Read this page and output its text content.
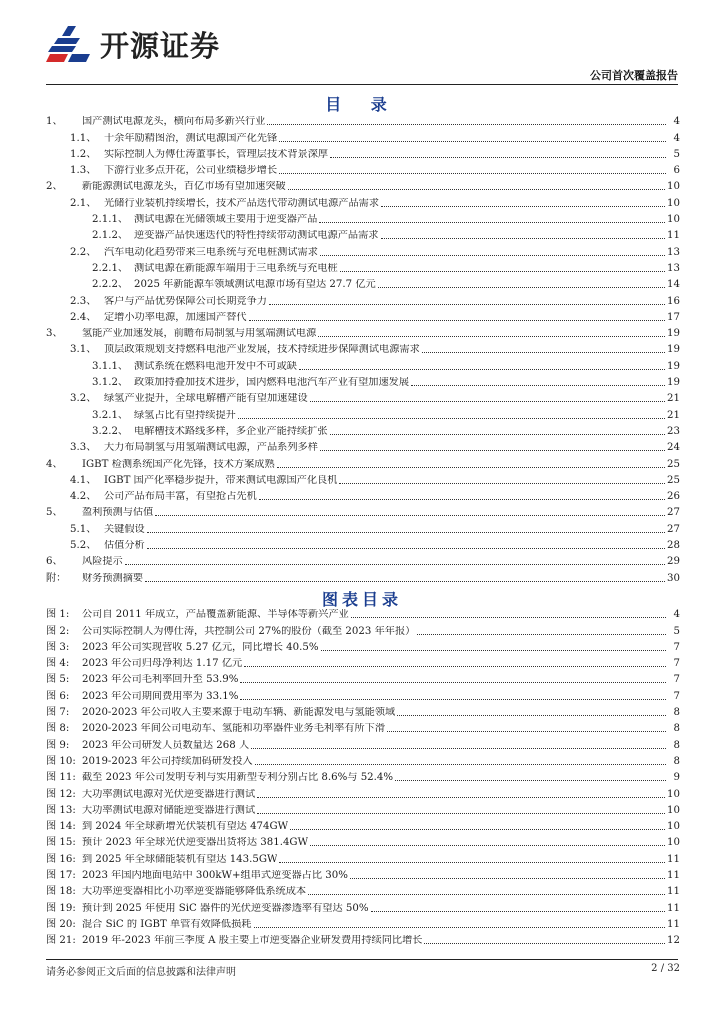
开源证券
公司首次覆盖报告
目 录
1、	国产测试电源龙头，横向布局多新兴行业	4
1.1、 十余年励精图治，测试电源国产化先锋	4
1.2、 实际控制人为傅仕涛董事长，管理层技术背景深厚	5
1.3、 下游行业多点开花，公司业绩稳步增长	6
2、	新能源测试电源龙头，百亿市场有望加速突破	10
2.1、 光储行业装机持续增长，技术产品迭代带动测试电源产品需求	10
2.1.1、 测试电源在光储领域主要用于逆变器产品	10
2.1.2、 逆变器产品快速迭代的特性持续带动测试电源产品需求	11
2.2、 汽车电动化趋势带来三电系统与充电桩测试需求	13
2.2.1、 测试电源在新能源车端用于三电系统与充电桩	13
2.2.2、 2025 年新能源车领域测试电源市场有望达 27.7 亿元	14
2.3、 客户与产品优势保障公司长期竞争力	16
2.4、 定增小功率电源，加速国产替代	17
3、	氢能产业加速发展，前瞻布局制氢与用氢端测试电源	19
3.1、 顶层政策规划支持燃料电池产业发展，技术持续进步保障测试电源需求	19
3.1.1、 测试系统在燃料电池开发中不可或缺	19
3.1.2、 政策加持叠加技术进步，国内燃料电池汽车产业有望加速发展	19
3.2、 绿氢产业提升，全球电解槽产能有望加速建设	21
3.2.1、 绿氢占比有望持续提升	21
3.2.2、 电解槽技术路线多样，多企业产能持续扩张	23
3.3、 大力布局制氢与用氢端测试电源，产品系列多样	24
4、	IGBT 检测系统国产化先锋，技术方案成熟	25
4.1、 IGBT 国产化率稳步提升，带来测试电源国产化良机	25
4.2、 公司产品布局丰富，有望抢占先机	26
5、	盈利预测与估值	27
5.1、 关键假设	27
5.2、 估值分析	28
6、	风险提示	29
附：	财务预测摘要	30
图表目录
图 1:	公司自 2011 年成立，产品覆盖新能源、半导体等新兴产业	4
图 2:	公司实际控制人为傅仕涛，共控制公司 27%的股份（截至 2023 年年报）	5
图 3:	2023 年公司实现营收 5.27 亿元，同比增长 40.5%	7
图 4:	2023 年公司归母净利达 1.17 亿元	7
图 5:	2023 年公司毛利率回升至 53.9%	7
图 6:	2023 年公司期间费用率为 33.1%	7
图 7:	2020-2023 年公司收入主要来源于电动车辆、新能源发电与氢能领域	8
图 8:	2020-2023 年间公司电动车、氢能和功率器件业务毛利率有所下滑	8
图 9:	2023 年公司研发人员数量达 268 人	8
图 10: 2019-2023 年公司持续加码研发投入	8
图 11: 截至 2023 年公司发明专利与实用新型专利分别占比 8.6%与 52.4%	9
图 12: 大功率测试电源对光伏逆变器进行测试	10
图 13: 大功率测试电源对储能逆变器进行测试	10
图 14: 到 2024 年全球新增光伏装机有望达 474GW	10
图 15: 预计 2023 年全球光伏逆变器出货将达 381.4GW	10
图 16: 到 2025 年全球储能装机有望达 143.5GW	11
图 17: 2023 年国内地面电站中 300kW+组串式逆变器占比 30%	11
图 18: 大功率逆变器相比小功率逆变器能够降低系统成本	11
图 19: 预计到 2025 年使用 SiC 器件的光伏逆变器渗透率有望达 50%	11
图 20: 混合 SiC 的 IGBT 单管有效降低损耗	11
图 21: 2019 年-2023 年前三季度 A 股主要上市逆变器企业研发费用持续同比增长	12
请务必参阅正文后面的信息披露和法律声明	2 / 32
